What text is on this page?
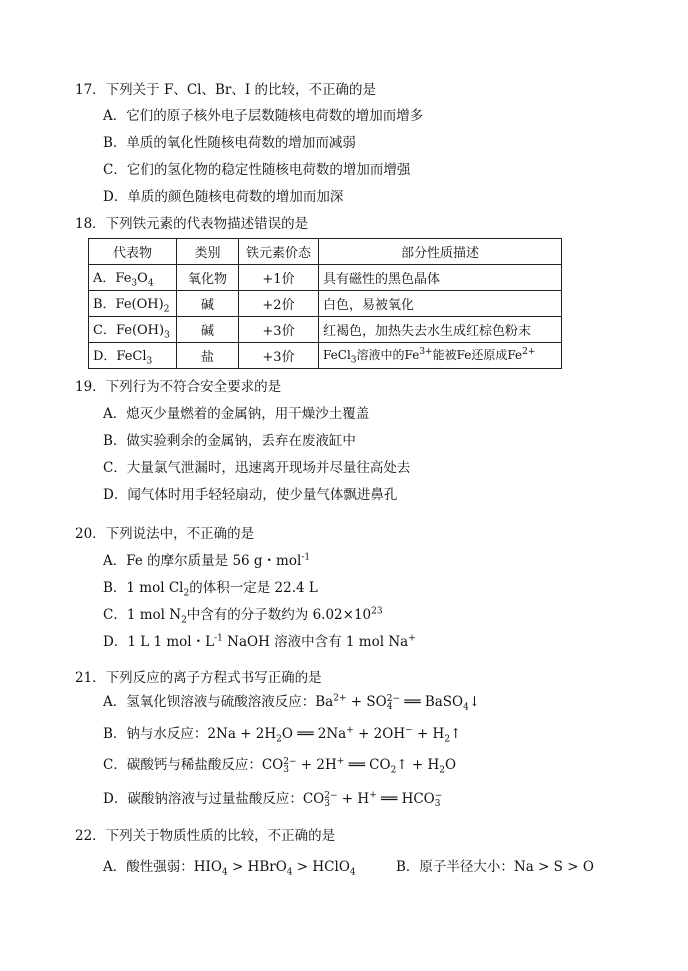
17．下列关于 F、Cl、Br、I 的比较，不正确的是
A．它们的原子核外电子层数随核电荷数的增加而增多
B．单质的氧化性随核电荷数的增加而减弱
C．它们的氢化物的稳定性随核电荷数的增加而增强
D．单质的颜色随核电荷数的增加而加深
18．下列铁元素的代表物描述错误的是
代表物	类别	铁元素价态	部分性质描述
A．$Fe_3O_4$	氧化物	+1价	具有磁性的黑色晶体
B．$Fe(OH)_2$	碱	+2价	白色，易被氧化
C．$Fe(OH)_3$	碱	+3价	红褐色，加热失去水生成红棕色粉末
D．FeCl$_3$	盐	+3价	FeCl$_3$溶液中的$Fe^{3+}$能被Fe还原成$Fe^{2+}$
19．下列行为不符合安全要求的是
A．熄灭少量燃着的金属钠，用干燥沙土覆盖
B．做实验剩余的金属钠，丢弃在废液缸中
C．大量氯气泄漏时，迅速离开现场并尽量往高处去
D．闻气体时用手轻轻扇动，使少量气体飘进鼻孔
20．下列说法中，不正确的是
A．Fe 的摩尔质量是 56 g・mol$^{-1}$
B．1 mol $Cl_2$的体积一定是 22.4 L
C．1 mol $N_2$中含有的分子数约为 $6.02\times 10^{23}$
D．1 L 1 mol・$L^{-1}$ NaOH 溶液中含有 1 mol Na+
21．下列反应的离子方程式书写正确的是
A．氢氧化钡溶液与硫酸溶液反应：$Ba^{2+} + SO2-$
4 ══ BaSO$_4$↓
B．钠与水反应：$2Na + 2H_2O$ ══ $2Na^+ + 2OH^- + H_2↑$
C．碳酸钙与稀盐酸反应：CO2−
3 + 2H+ ══ $CO_2↑ + H_2O$
D．碳酸钠溶液与过量盐酸反应：CO2−
3 + H+ ══ HCO−
3
22．下列关于物质性质的比较，不正确的是
A．酸性强弱：$HIO_4$ > HBrO$_4$ > HClO$_4$	B．原子半径大小：Na > S > O
